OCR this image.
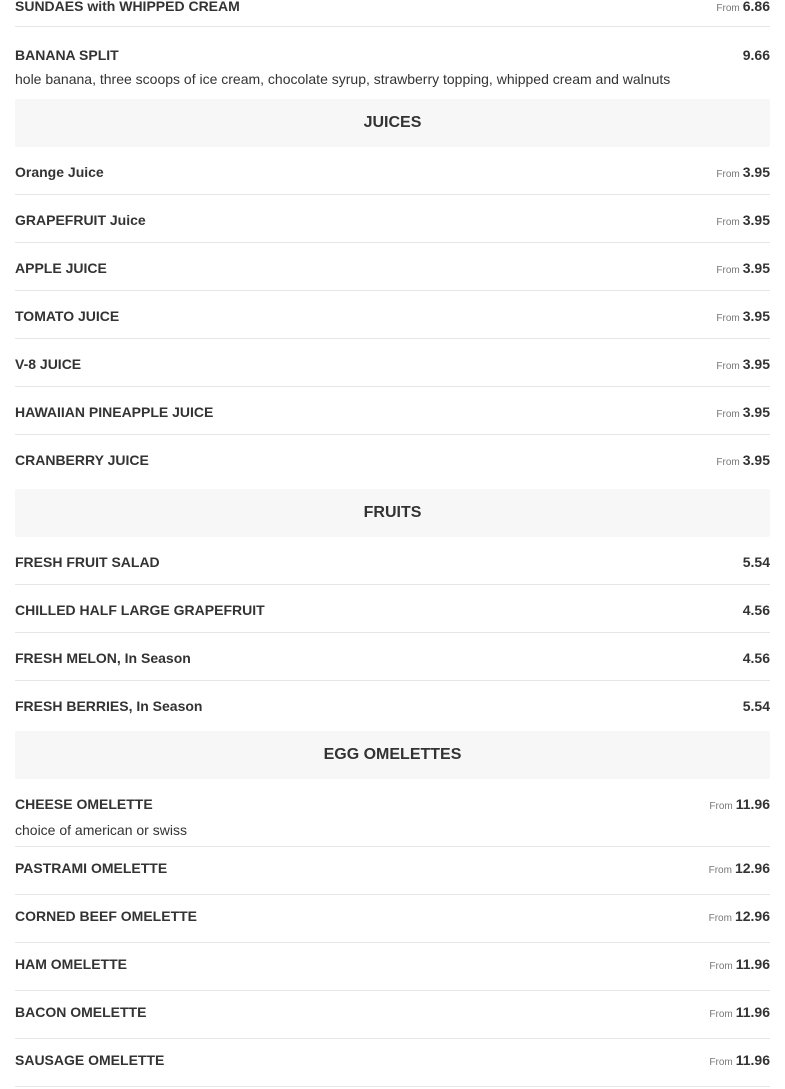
SUNDAES with WHIPPED CREAM	From 6.86
BANANA SPLIT	9.66
hole banana, three scoops of ice cream, chocolate syrup, strawberry topping, whipped cream and walnuts
JUICES
Orange Juice	From 3.95
GRAPEFRUIT Juice	From 3.95
APPLE JUICE	From 3.95
TOMATO JUICE	From 3.95
V-8 JUICE	From 3.95
HAWAIIAN PINEAPPLE JUICE	From 3.95
CRANBERRY JUICE	From 3.95
FRUITS
FRESH FRUIT SALAD	5.54
CHILLED HALF LARGE GRAPEFRUIT	4.56
FRESH MELON, In Season	4.56
FRESH BERRIES, In Season	5.54
EGG OMELETTES
CHEESE OMELETTE	From 11.96
choice of american or swiss
PASTRAMI OMELETTE	From 12.96
CORNED BEEF OMELETTE	From 12.96
HAM OMELETTE	From 11.96
BACON OMELETTE	From 11.96
SAUSAGE OMELETTE	From 11.96
